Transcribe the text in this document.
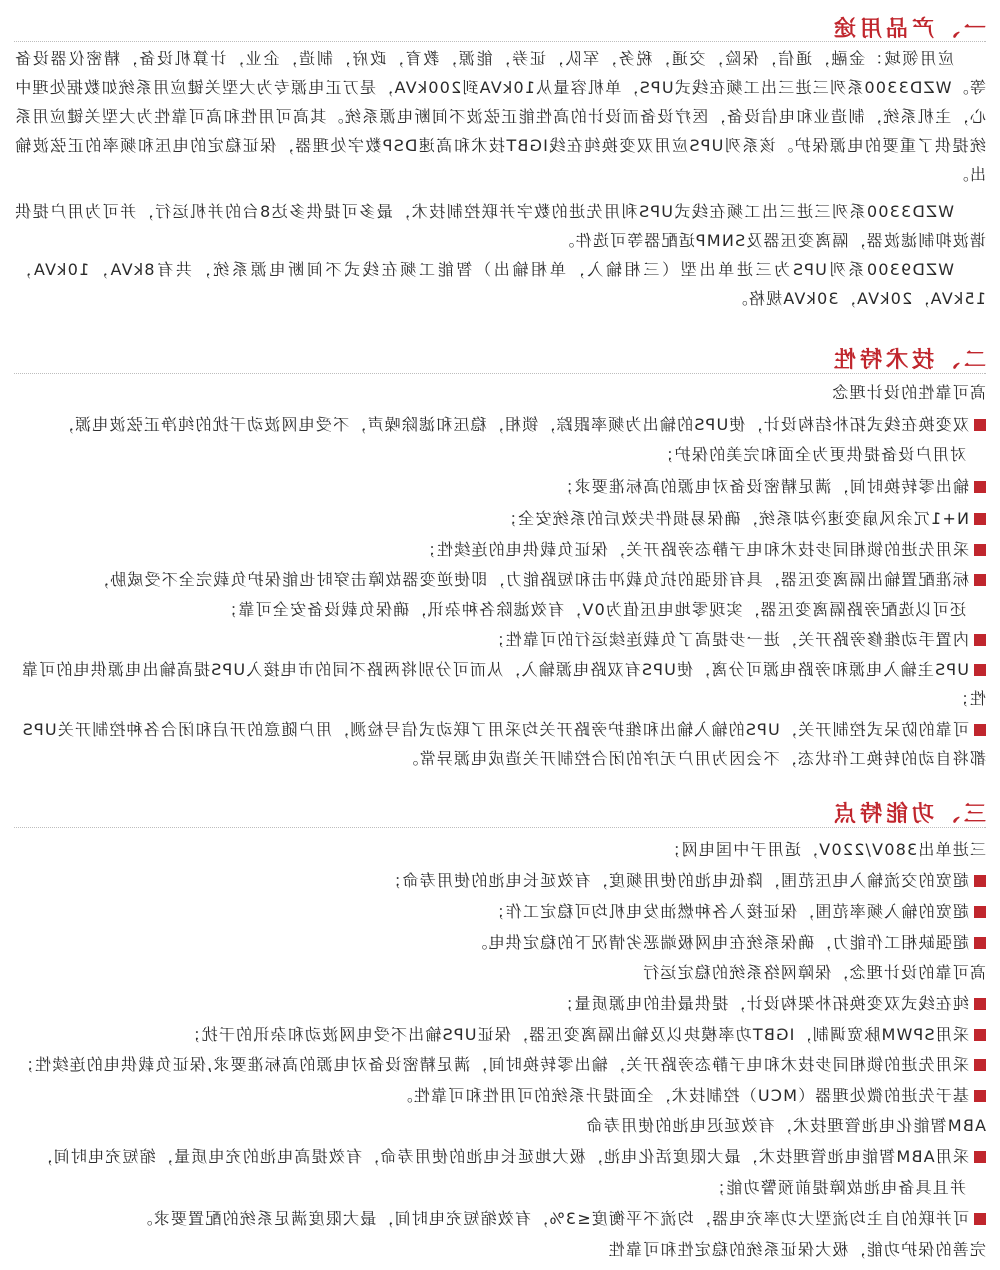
一、产品用途
应用领域：金融，通信，保险，交通，税务，军队，证券，能源，教育，政府，制造，企业，计算机设备，精密仪器设备等。WZD3300系列三进三出工频在线式UPS，单机容量从10kVA到200kVA，是万正电源专为大型关键应用系统如数据处理中心，主机系统，制造业和电信设备，医疗设备而设计的高性能正弦波不间断电源系统。其高可用性和高可靠性为大型关键应用系统提供了重要的电源保护。该系列UPS应用双变换纯在线IGBT技术和高速DSP数字处理器，保证稳定的电压和频率的正弦波输出。
WZD3300系列三进三出工频在线式UPS利用先进的数字并联控制技术，最多可提供多达8台的并机运行，并可为用户提供谐波抑制滤波器，隔离变压器及SNMP适配器等可选件。
WZD9300系列UPS为三进单出型（三相输入，单相输出）智能工频在线式不间断电源系统，共有8kVA，10kVA，15kVA，20kVA，30kVA规格。
二、技术特性
高可靠性的设计理念
双变换在线式拓朴结构设计，使UPS的输出为频率跟踪，锁相，稳压和滤除噪声，不受电网波动干扰的纯净正弦波电源，
对用户设备提供更为全面和完美的保护；
输出零转换时间，满足精密设备对电源的高标准要求；
N+1冗余风扇变速冷却系统，确保易损件失效后的系统安全；
采用先进的锁相同步技术和电子静态旁路开关，保证负载供电的连续性；
标准配置输出隔离变压器，具有很强的抗负载冲击和短路能力，即使逆变器故障击穿时也能保护负载完全不受威胁，
还可以选配旁路隔离变压器，实现零地电压值为0V，有效滤除各种杂讯，确保负载设备安全可靠；
内置手动维修旁路开关，进一步提高了负载连续运行的可靠性；
UPS主输入电源和旁路电源可分离，使UPS有双路电源输入，从而可分别将两路不同的市电接入UPS提高输出电源供电的可靠性；
可靠的防呆式控制开关，UPS的输入输出和维护旁路开关均采用了联动式信号检测，用户随意的开启和闭合各种控制开关UPS都将自动的转换工作状态，不会因为用户无序的闭合控制开关造成电源异常。
三、功能特点
三进单出380V/220V，适用于中国电网；
超宽的交流输入电压范围，降低电池的使用频度，有效延长电池的使用寿命；
超宽的输入频率范围，保证接入各种燃油发电机均可稳定工作；
超强缺相工作能力，确保系统在电网极端恶劣情况下的稳定供电。
高可靠的设计理念，保障网络系统的稳定运行
纯在线式双变换拓朴架构设计，提供最佳的电源质量；
采用SPWM脉宽调制，IGBT功率模块以及输出隔离变压器，保证UPS输出不受电网波动和杂讯的干扰；
采用先进的锁相同步技术和电子静态旁路开关，输出零转换时间，满足精密设备对电源的高标准要求,保证负载供电的连续性；
基于先进的微处理器（MCU）控制技术，全面提升系统的可用性和可靠性。
ABM智能化电池管理技术，有效延迟电池的使用寿命
采用ABM智能电池管理技术，最大限度活化电池，极大地延长电池的使用寿命，有效提高电池的充电质量，缩短充电时间，
并且具备电池故障提前预警功能；
可并联的自主均流型大功率充电器，均流不平衡度≤3%，有效缩短充电时间，最大限度满足系统的配置要求。
完善的保护功能，极大保证系统的稳定性和可靠性
